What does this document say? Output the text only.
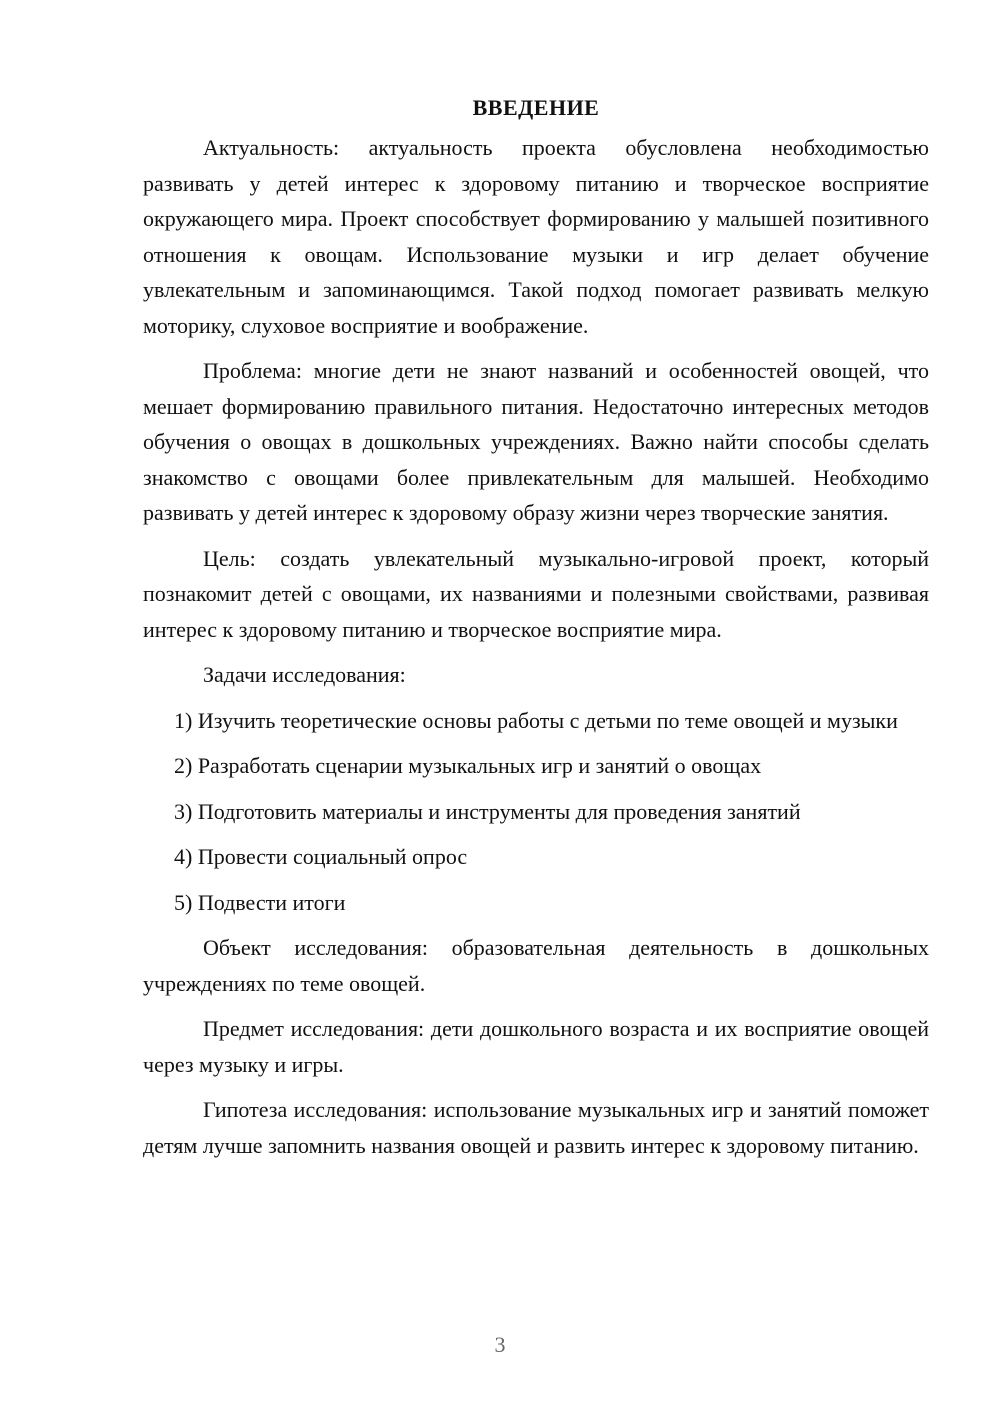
ВВЕДЕНИЕ

Актуальность: актуальность проекта обусловлена необходимостью развивать у детей интерес к здоровому питанию и творческое восприятие окружающего мира. Проект способствует формированию у малышей позитивного отношения к овощам. Использование музыки и игр делает обучение увлекательным и запоминающимся. Такой подход помогает развивать мелкую моторику, слуховое восприятие и воображение.

Проблема: многие дети не знают названий и особенностей овощей, что мешает формированию правильного питания. Недостаточно интересных методов обучения о овощах в дошкольных учреждениях. Важно найти способы сделать знакомство с овощами более привлекательным для малышей. Необходимо развивать у детей интерес к здоровому образу жизни через творческие занятия.

Цель: создать увлекательный музыкально-игровой проект, который познакомит детей с овощами, их названиями и полезными свойствами, развивая интерес к здоровому питанию и творческое восприятие мира.

Задачи исследования:

1) Изучить теоретические основы работы с детьми по теме овощей и музыки

2) Разработать сценарии музыкальных игр и занятий о овощах

3) Подготовить материалы и инструменты для проведения занятий

4) Провести социальный опрос

5) Подвести итоги

Объект исследования: образовательная деятельность в дошкольных учреждениях по теме овощей.

Предмет исследования: дети дошкольного возраста и их восприятие овощей через музыку и игры.

Гипотеза исследования: использование музыкальных игр и занятий поможет детям лучше запомнить названия овощей и развить интерес к здоровому питанию.

3
